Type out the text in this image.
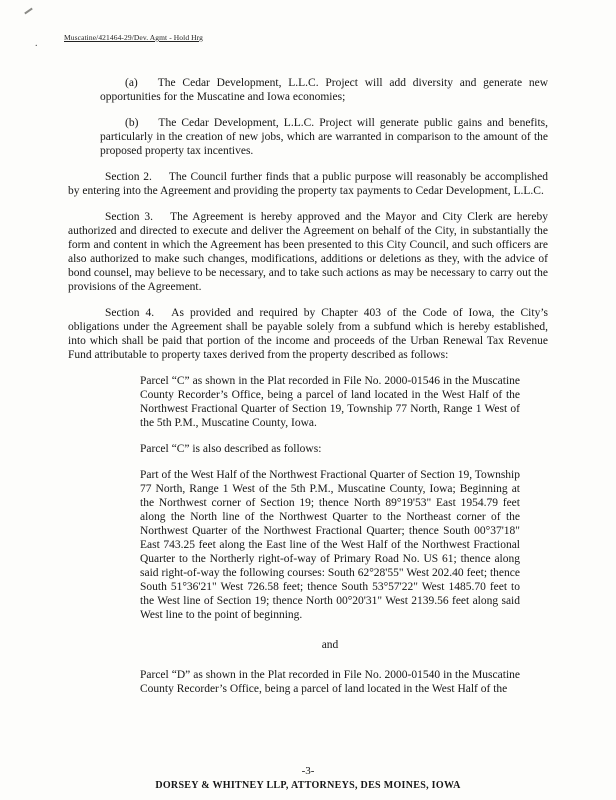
.
Muscatine/421464-29/Dev. Agmt - Hold Hrg

(a) The Cedar Development, L.L.C. Project will add diversity and generate new opportunities for the Muscatine and Iowa economies;

(b) The Cedar Development, L.L.C. Project will generate public gains and benefits, particularly in the creation of new jobs, which are warranted in comparison to the amount of the proposed property tax incentives.

Section 2. The Council further finds that a public purpose will reasonably be accomplished by entering into the Agreement and providing the property tax payments to Cedar Development, L.L.C.

Section 3. The Agreement is hereby approved and the Mayor and City Clerk are hereby authorized and directed to execute and deliver the Agreement on behalf of the City, in substantially the form and content in which the Agreement has been presented to this City Council, and such officers are also authorized to make such changes, modifications, additions or deletions as they, with the advice of bond counsel, may believe to be necessary, and to take such actions as may be necessary to carry out the provisions of the Agreement.

Section 4. As provided and required by Chapter 403 of the Code of Iowa, the City’s obligations under the Agreement shall be payable solely from a subfund which is hereby established, into which shall be paid that portion of the income and proceeds of the Urban Renewal Tax Revenue Fund attributable to property taxes derived from the property described as follows:

Parcel “C” as shown in the Plat recorded in File No. 2000-01546 in the Muscatine County Recorder’s Office, being a parcel of land located in the West Half of the Northwest Fractional Quarter of Section 19, Township 77 North, Range 1 West of the 5th P.M., Muscatine County, Iowa.

Parcel “C” is also described as follows:

Part of the West Half of the Northwest Fractional Quarter of Section 19, Township 77 North, Range 1 West of the 5th P.M., Muscatine County, Iowa; Beginning at the Northwest corner of Section 19; thence North 89°19'53" East 1954.79 feet along the North line of the Northwest Quarter to the Northeast corner of the Northwest Quarter of the Northwest Fractional Quarter; thence South 00°37'18" East 743.25 feet along the East line of the West Half of the Northwest Fractional Quarter to the Northerly right-of-way of Primary Road No. US 61; thence along said right-of-way the following courses: South 62°28'55" West 202.40 feet; thence South 51°36'21" West 726.58 feet; thence South 53°57'22" West 1485.70 feet to the West line of Section 19; thence North 00°20'31" West 2139.56 feet along said West line to the point of beginning.

and

Parcel “D” as shown in the Plat recorded in File No. 2000-01540 in the Muscatine County Recorder’s Office, being a parcel of land located in the West Half of the

-3-
DORSEY & WHITNEY LLP, ATTORNEYS, DES MOINES, IOWA
